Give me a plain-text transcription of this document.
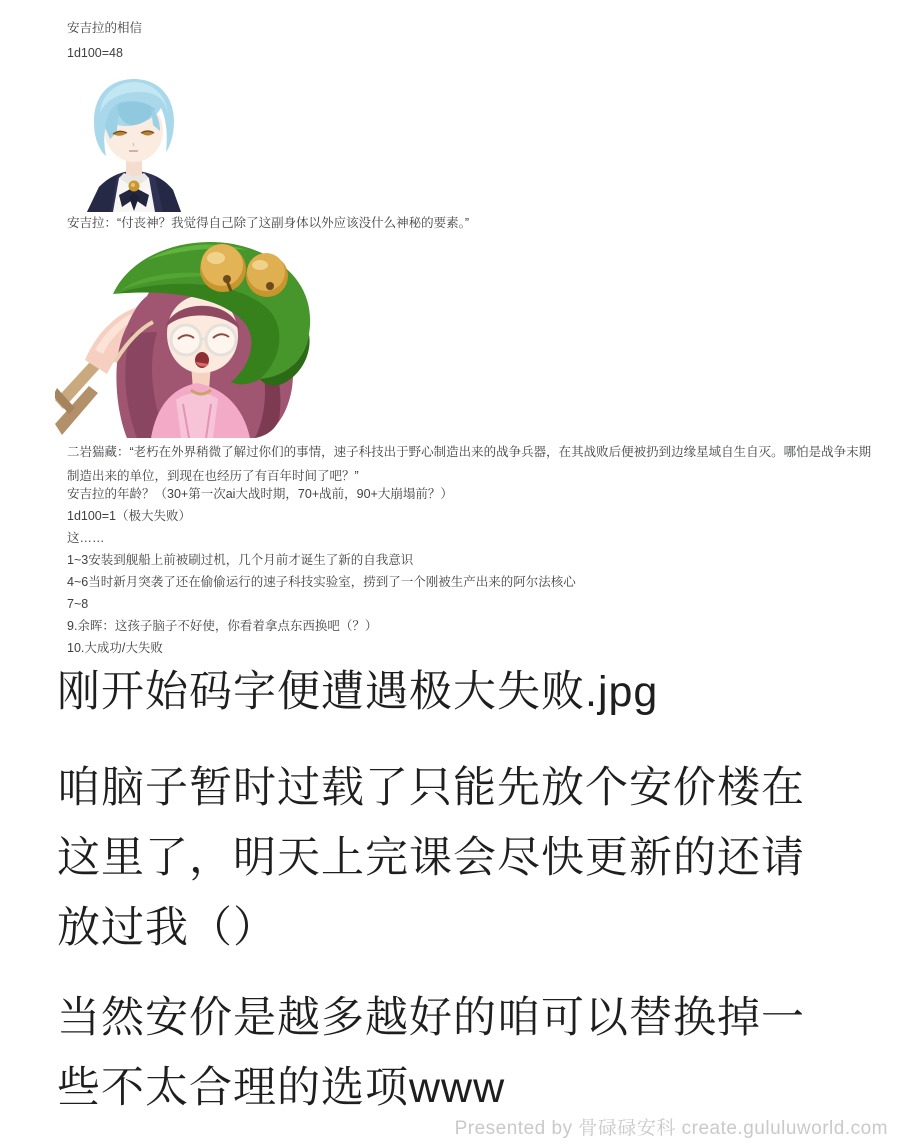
安吉拉的相信

1d100=48

安吉拉：“付丧神？我觉得自己除了这副身体以外应该没什么神秘的要素。”

二岩猯藏：“老朽在外界稍微了解过你们的事情，速子科技出于野心制造出来的战争兵器，在其战败后便被扔到边缘星域自生自灭。哪怕是战争末期制造出来的单位，到现在也经历了有百年时间了吧？”

安吉拉的年龄？（30+第一次ai大战时期，70+战前，90+大崩塌前？）

1d100=1（极大失败）

这……

1~3安装到舰船上前被刷过机，几个月前才诞生了新的自我意识

4~6当时新月突袭了还在偷偷运行的速子科技实验室，捞到了一个刚被生产出来的阿尔法核心

7~8

9.余晖：这孩子脑子不好使，你看着拿点东西换吧（？）

10.大成功/大失败

刚开始码字便遭遇极大失败.jpg

咱脑子暂时过载了只能先放个安价楼在这里了，明天上完课会尽快更新的还请放过我（）

当然安价是越多越好的咱可以替换掉一些不太合理的选项www

Presented by 骨碌碌安科 create.gululuworld.com
